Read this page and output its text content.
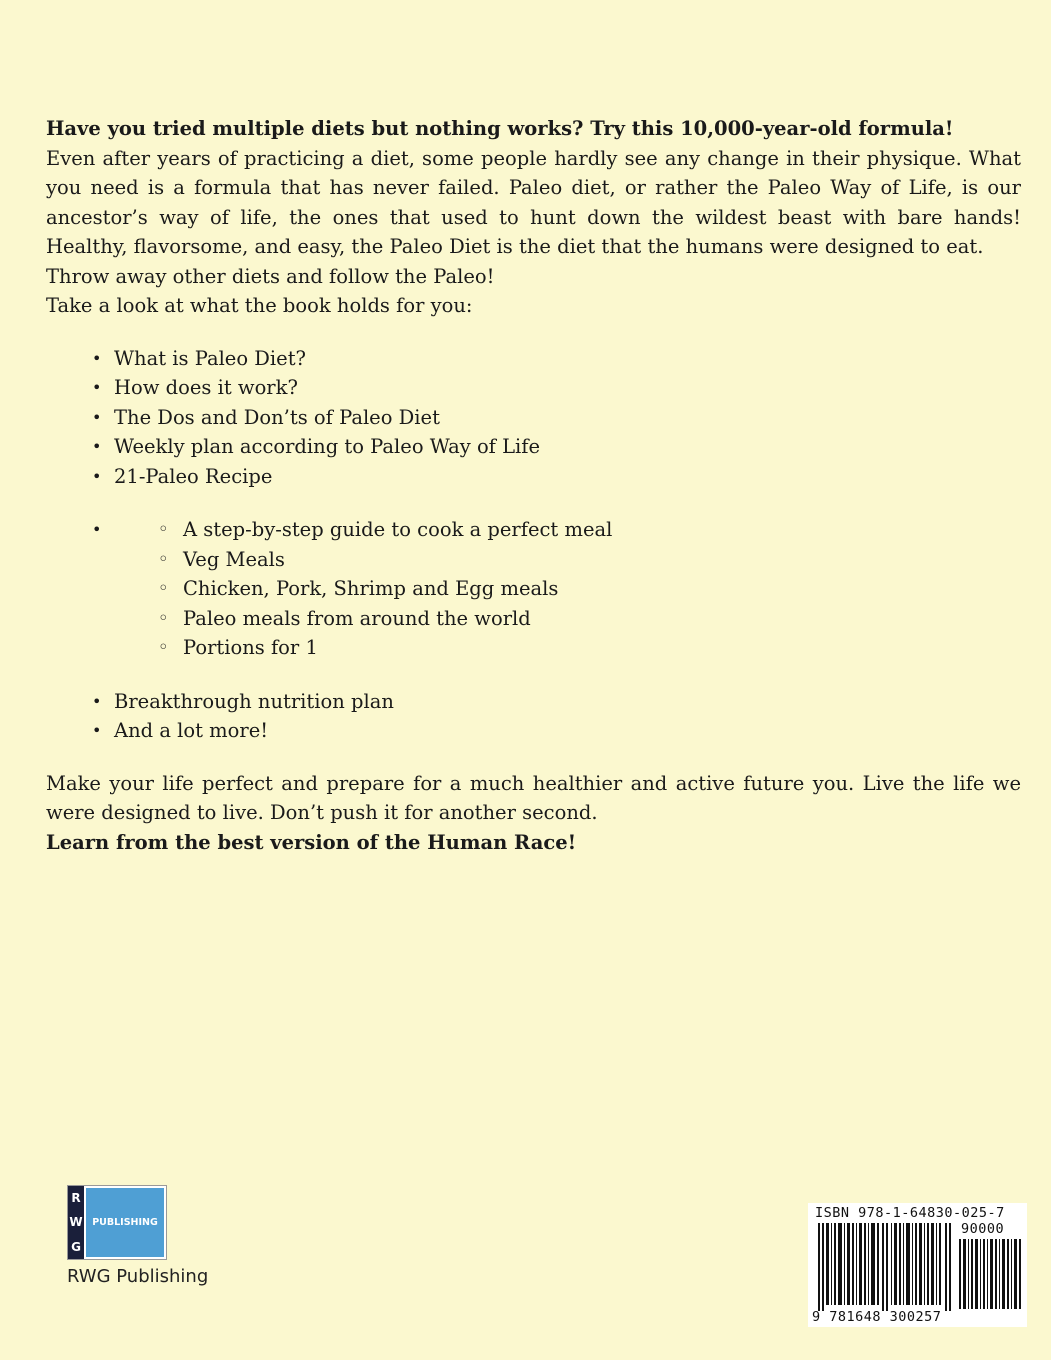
Have you tried multiple diets but nothing works? Try this 10,000-year-old formula!

Even after years of practicing a diet, some people hardly see any change in their physique. What you need is a formula that has never failed. Paleo diet, or rather the Paleo Way of Life, is our ancestor’s way of life, the ones that used to hunt down the wildest beast with bare hands! Healthy, flavorsome, and easy, the Paleo Diet is the diet that the humans were designed to eat.

Throw away other diets and follow the Paleo!

Take a look at what the book holds for you:

• What is Paleo Diet?
• How does it work?
• The Dos and Don’ts of Paleo Diet
• Weekly plan according to Paleo Way of Life
• 21-Paleo Recipe
◦ A step-by-step guide to cook a perfect meal •
◦ Veg Meals
◦ Chicken, Pork, Shrimp and Egg meals
◦ Paleo meals from around the world
◦ Portions for 1
• Breakthrough nutrition plan
• And a lot more!

Make your life perfect and prepare for a much healthier and active future you. Live the life we were designed to live. Don’t push it for another second.

Learn from the best version of the Human Race!

R
W
G
PUBLISHING
RWG Publishing
ISBN 978-1-64830-025-7
90000
9 781648 300257
